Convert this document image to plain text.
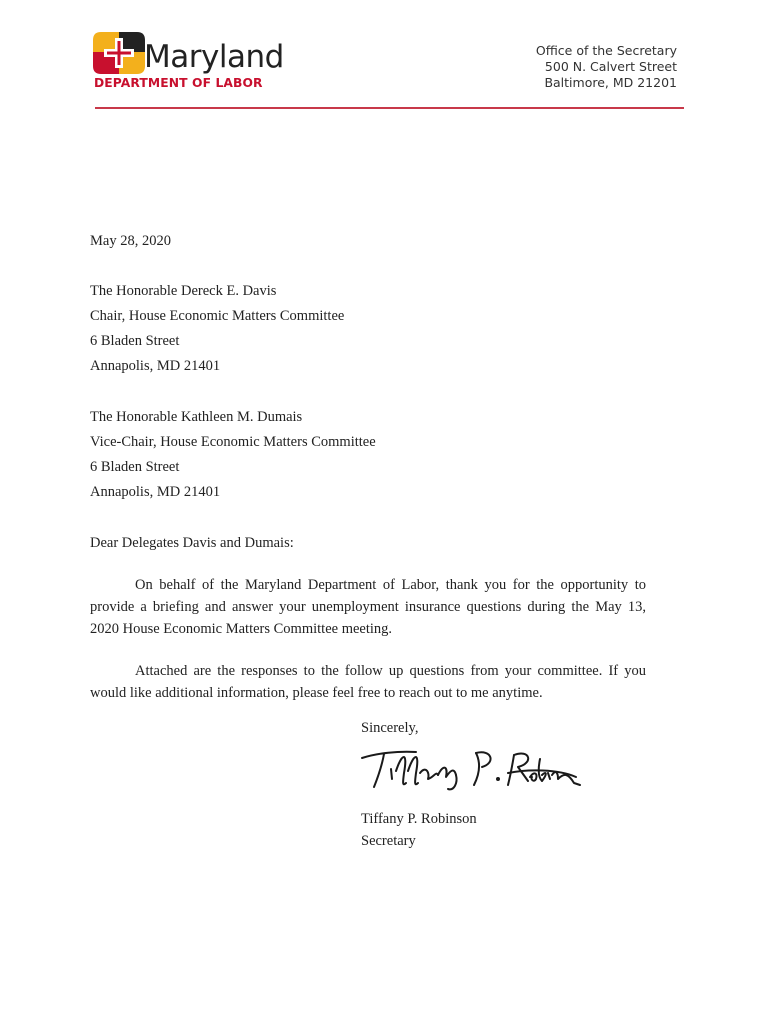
Maryland
DEPARTMENT OF LABOR
Office of the Secretary
500 N. Calvert Street
Baltimore, MD 21201
May 28, 2020
The Honorable Dereck E. Davis
Chair, House Economic Matters Committee
6 Bladen Street
Annapolis, MD 21401
The Honorable Kathleen M. Dumais
Vice-Chair, House Economic Matters Committee
6 Bladen Street
Annapolis, MD 21401
Dear Delegates Davis and Dumais:
On behalf of the Maryland Department of Labor, thank you for the opportunity to provide a briefing and answer your unemployment insurance questions during the May 13, 2020 House Economic Matters Committee meeting.
Attached are the responses to the follow up questions from your committee. If you would like additional information, please feel free to reach out to me anytime.
Sincerely,
Tiffany P. Robinson
Secretary
